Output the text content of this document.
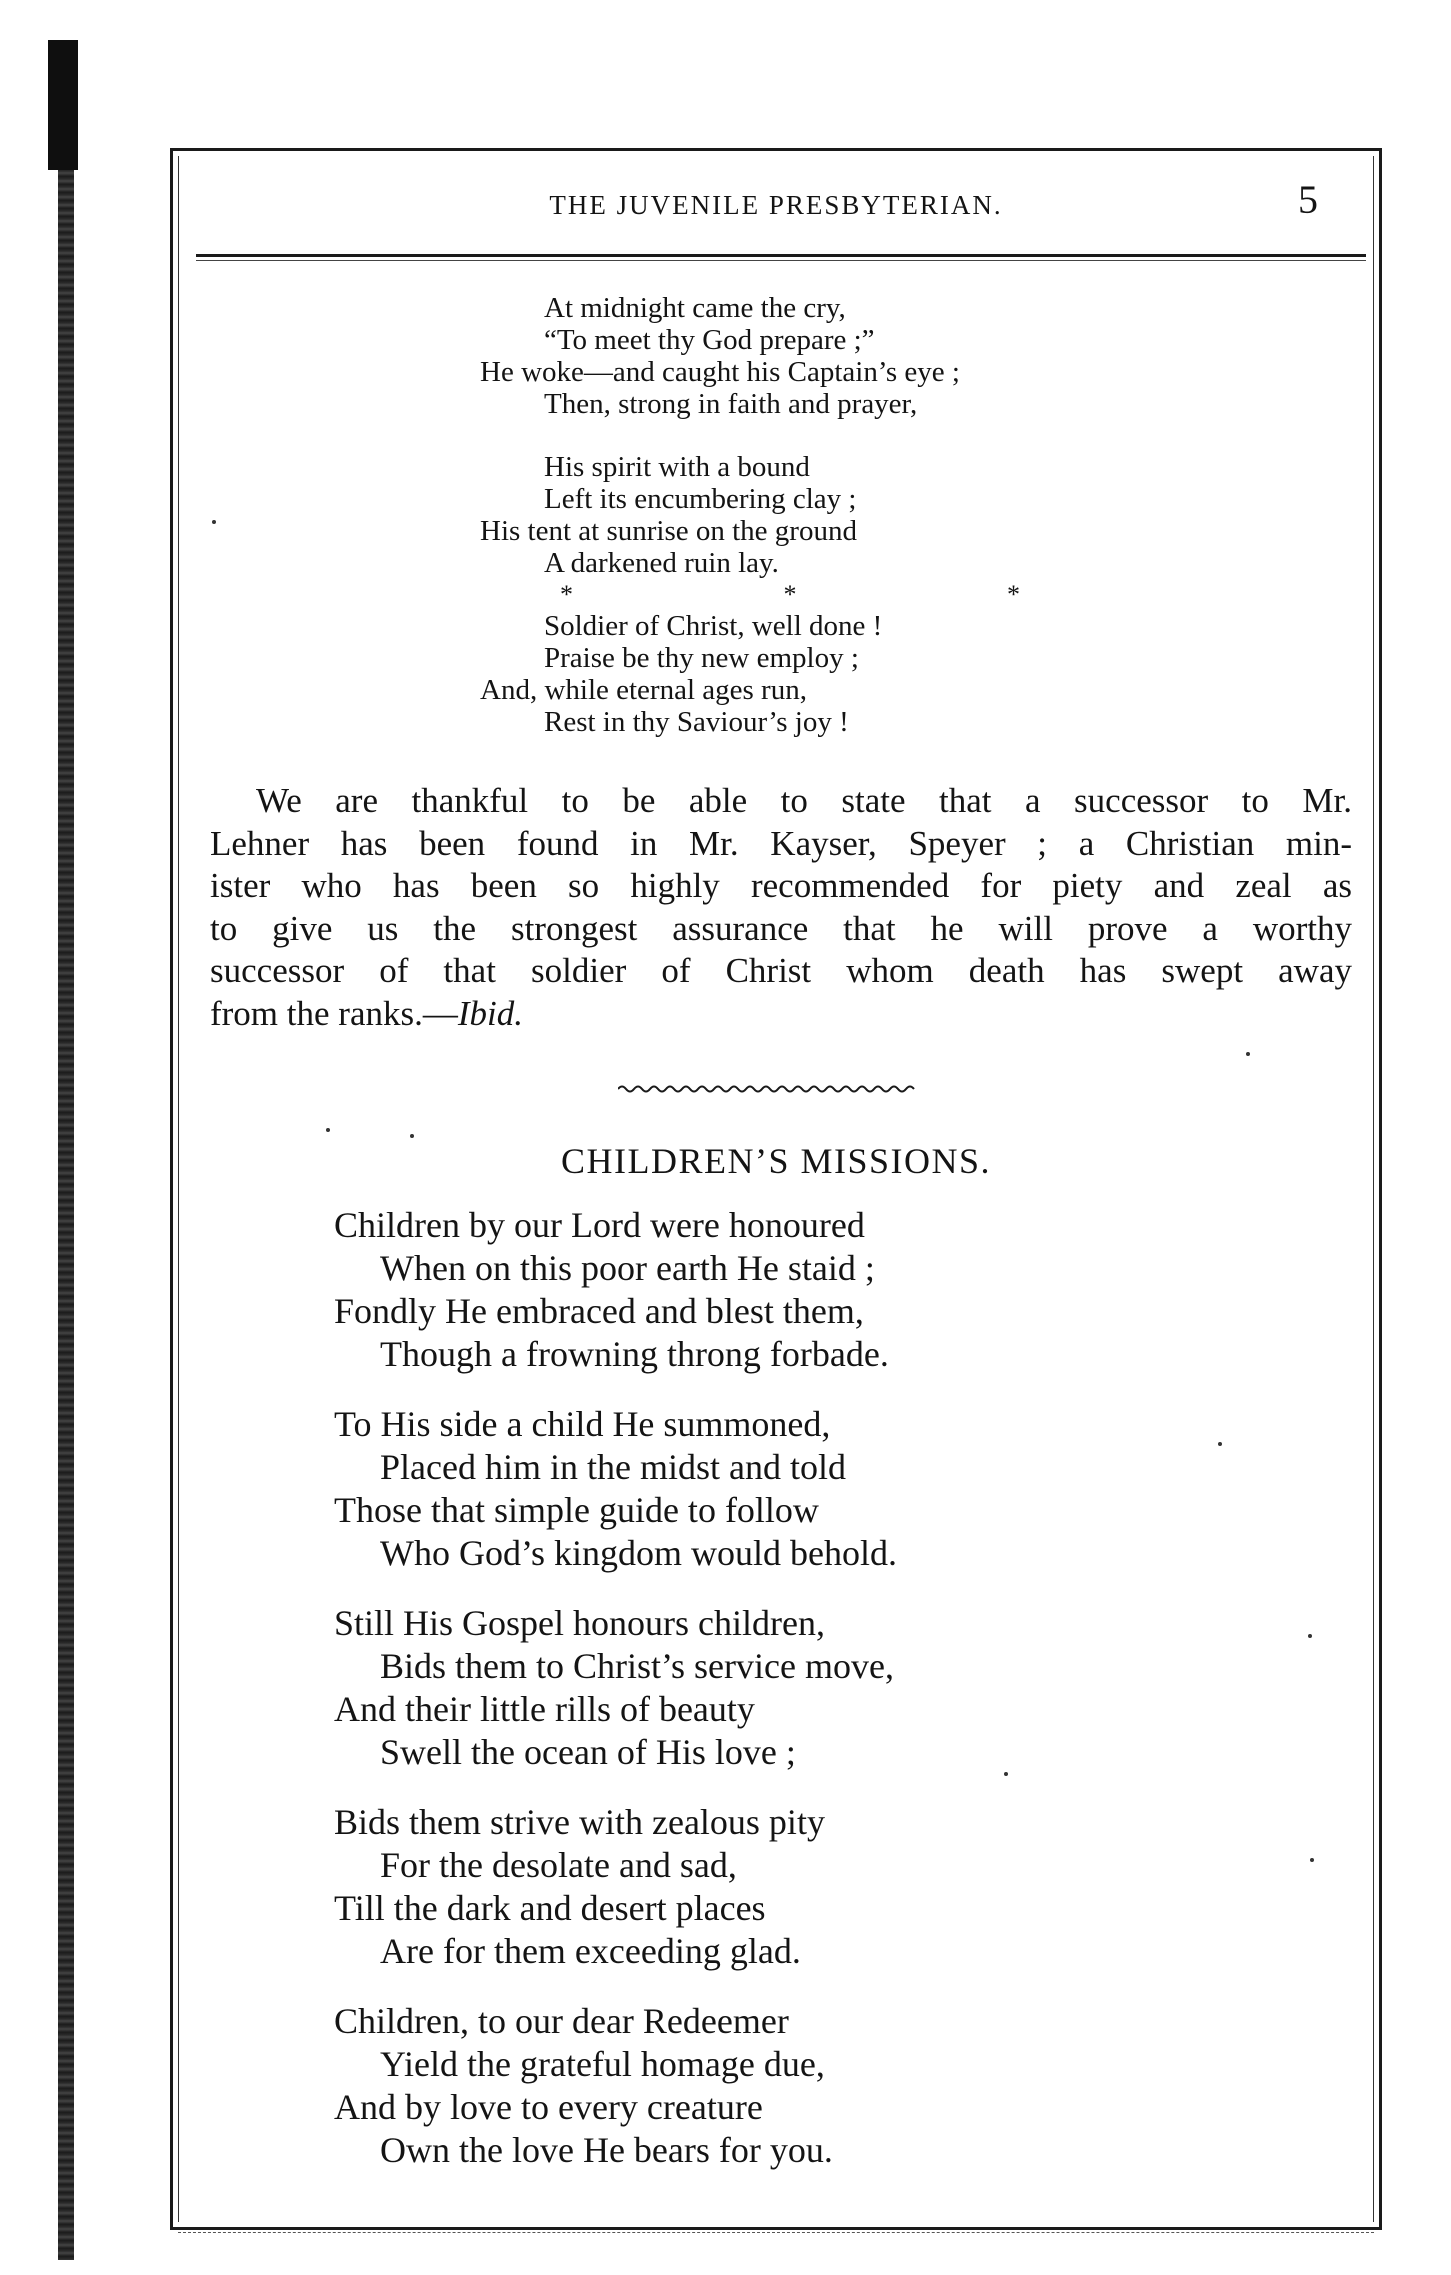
THE JUVENILE PRESBYTERIAN.	5
At midnight came the cry,
“To meet thy God prepare ;”
He woke—and caught his Captain’s eye ;
Then, strong in faith and prayer,
His spirit with a bound
Left its encumbering clay ;
His tent at sunrise on the ground
A darkened ruin lay.
Soldier of Christ, well done !
Praise be thy new employ ;
And, while eternal ages run,
Rest in thy Saviour’s joy !
*	*	*
We are thankful to be able to state that a successor to Mr.
Lehner has been found in Mr. Kayser, Speyer ; a Christian min-
ister who has been so highly recommended for piety and zeal as
to give us the strongest assurance that he will prove a worthy
successor of that soldier of Christ whom death has swept away
from the ranks.—Ibid.
CHILDREN’S MISSIONS.
Children by our Lord were honoured
When on this poor earth He staid ;
Fondly He embraced and blest them,
Though a frowning throng forbade.
To His side a child He summoned,
Placed him in the midst and told
Those that simple guide to follow
Who God’s kingdom would behold.
Still His Gospel honours children,
Bids them to Christ’s service move,
And their little rills of beauty
Swell the ocean of His love ;
Bids them strive with zealous pity
For the desolate and sad,
Till the dark and desert places
Are for them exceeding glad.
Children, to our dear Redeemer
Yield the grateful homage due,
And by love to every creature
Own the love He bears for you.
